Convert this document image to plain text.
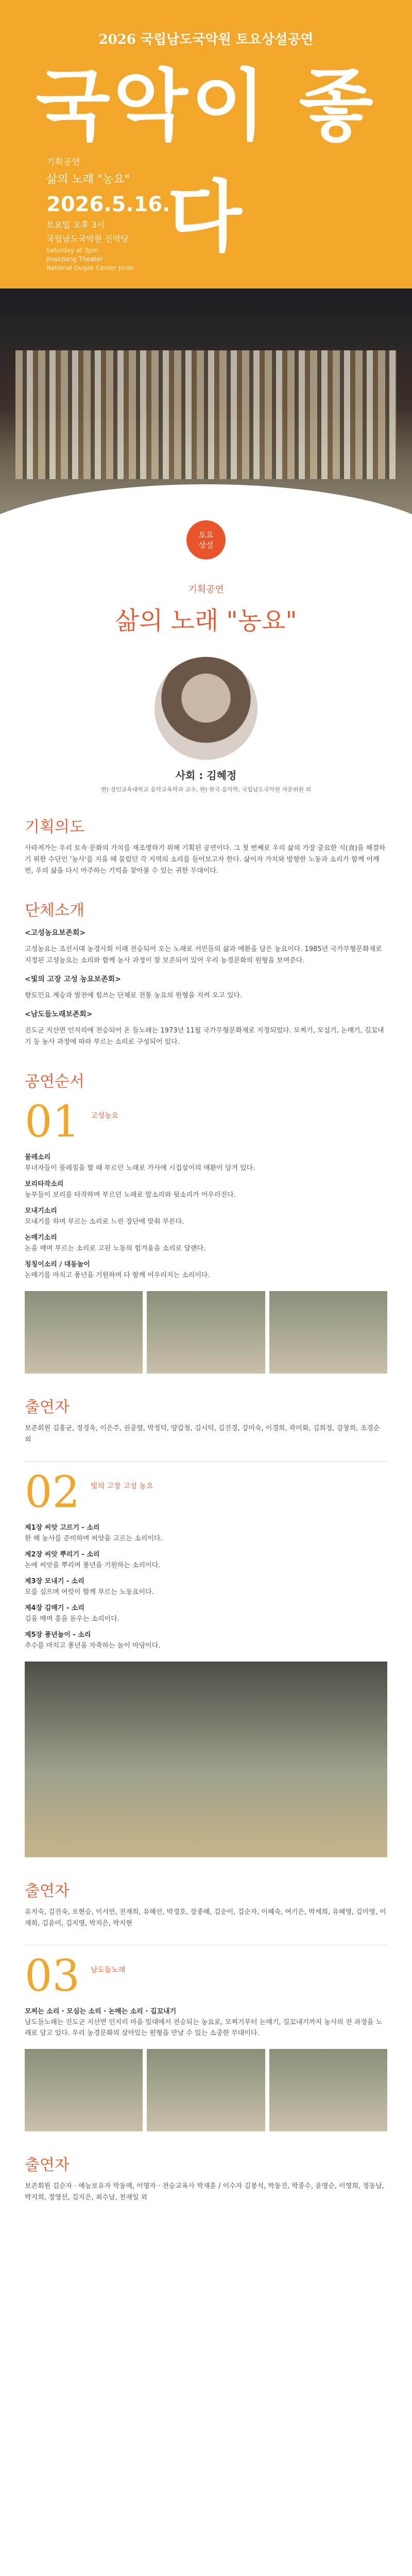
2026 국립남도국악원 토요상설공연
국악이 좋다
기획공연
삶의 노래 "농요"
2026.5.16.
토요일 오후 3시
국립남도국악원 진악당
Saturday at 3pm
Jinakdang Theater
National Gugak Center Jindo
토요
상설
기획공연
삶의 노래 "농요"
사회 : 김혜정
현) 경인교육대학교 음악교육학과 교수, 현) 한국 음악학, 국립남도국악원 자문위원 외
기획의도
사라져가는 우리 토속 문화의 가치를 재조명하기 위해 기획된 공연이다. 그 첫 번째로 우리 삶의 가장 중요한 식(食)을 해결하기 위한 수단인 '농사'를 지을 때 불렀던 각 지역의 소리를 들어보고자 한다. 삶이자 가치와 방향한 노동과 소리가 함께 어깨 번, 우리 삶을 다시 마주하는 기억을 찾아볼 수 있는 귀한 무대이다.
단체소개
<고성농요보존회>
고성농요는 조선시대 농경사회 이래 전승되어 오는 노래로 서민들의 삶과 애환을 담은 농요이다. 1985년 국가무형문화재로 지정된 고성농요는 소리와 함께 농사 과정이 잘 보존되어 있어 우리 농경문화의 원형을 보여준다.
<빛의 고장 고성 농요보존회>
향토민요 계승과 발전에 힘쓰는 단체로 전통 농요의 원형을 지켜 오고 있다.
<남도들노래보존회>
진도군 지산면 인지리에 전승되어 온 들노래는 1973년 11월 국가무형문화재로 지정되었다. 모찌기, 모심기, 논매기, 길꼬내기 등 농사 과정에 따라 부르는 소리로 구성되어 있다.
공연순서
01 고성농요
물레소리
부녀자들이 물레질을 할 때 부르던 노래로 가사에 시집살이의 애환이 담겨 있다.
보리타작소리
농부들이 보리를 타작하며 부르던 노래로 앞소리와 뒷소리가 어우러진다.
모내기소리
모내기를 하며 부르는 소리로 느린 장단에 맞춰 부른다.
논매기소리
논을 매며 부르는 소리로 고된 노동의 힘겨움을 소리로 달랜다.
칭칭이소리 / 대동놀이
논매기를 마치고 풍년을 기원하며 다 함께 어우러지는 소리이다.
출연자
보존회원 김홍균, 정경욱, 이은주, 권중렬, 박정덕, 양갑철, 김시덕, 김진경, 강미숙, 이경희, 곽미화, 김희정, 강창희, 조경순 외
02 빛의 고장 고성 농요
제1장 씨앗 고르기 - 소리
한 해 농사를 준비하며 씨앗을 고르는 소리이다.
제2장 씨앗 뿌리기 - 소리
논에 씨앗을 뿌리며 풍년을 기원하는 소리이다.
제3장 모내기 - 소리
모를 심으며 여럿이 함께 부르는 노동요이다.
제4장 김매기 - 소리
김을 매며 흥을 돋우는 소리이다.
제5장 풍년놀이 - 소리
추수를 마치고 풍년을 자축하는 놀이 마당이다.
출연자
유지숙, 김진숙, 오현승, 이서연, 전재희, 유혜선, 박경호, 장종혜, 김순이, 김순자, 이혜숙, 여기은, 박세희, 유혜영, 김미영, 이재희, 김윤미, 김지영, 박지은, 박지현
03 남도들노래
모찌는 소리 · 모심는 소리 · 논매는 소리 · 길꼬내기
남도들노래는 진도군 지산면 인지리 마을 일대에서 전승되는 농요로, 모찌기부터 논매기, 길꼬내기까지 농사의 전 과정을 노래로 담고 있다. 우리 농경문화의 살아있는 원형을 만날 수 있는 소중한 무대이다.
출연자
보존회원 김순자 · 예능보유자 박동매, 이영자 · 전승교육사 박재훈 / 이수자 김봉석, 박동진, 박종수, 윤영순, 이영희, 정동남, 박지희, 정영선, 김지은, 최수남, 천재일 외
